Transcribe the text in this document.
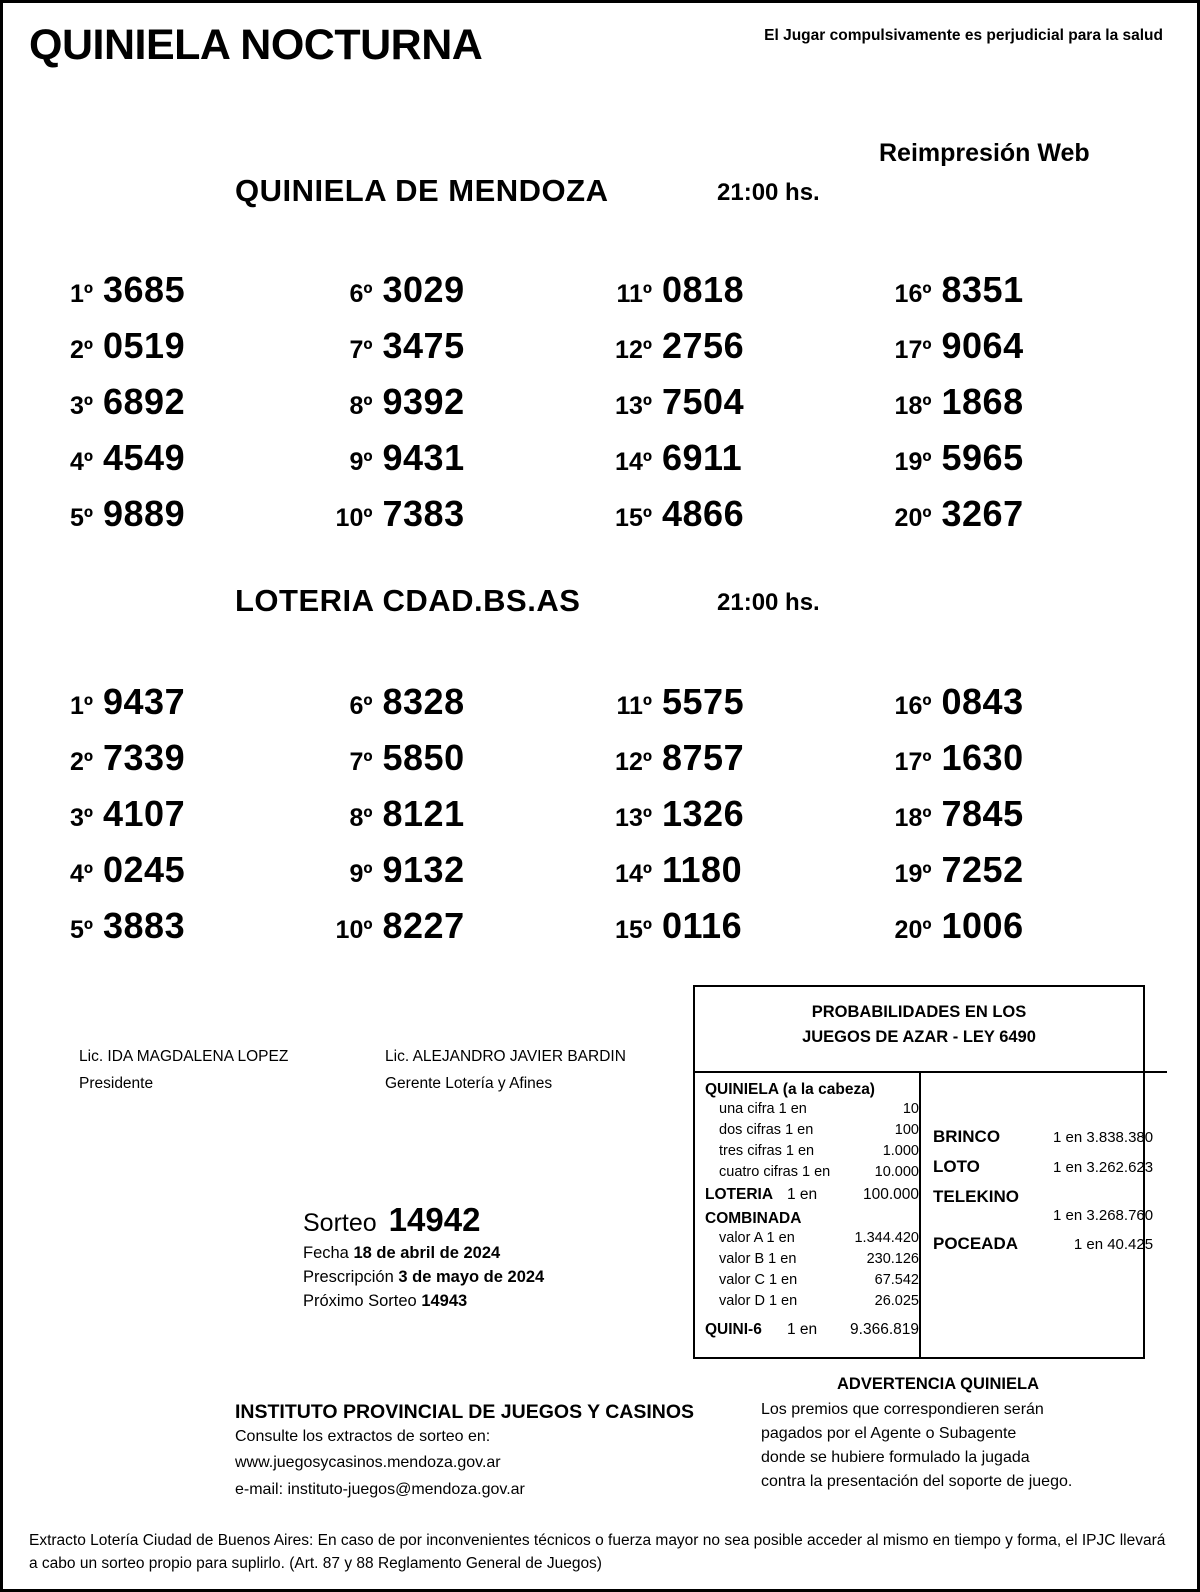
QUINIELA NOCTURNA	El Jugar compulsivamente es perjudicial para la salud
Reimpresión Web
QUINIELA DE MENDOZA	21:00 hs.
1º 3685	6º 3029	11º 0818	16º 8351
2º 0519	7º 3475	12º 2756	17º 9064
3º 6892	8º 9392	13º 7504	18º 1868
4º 4549	9º 9431	14º 6911	19º 5965
5º 9889	10º 7383	15º 4866	20º 3267
LOTERIA CDAD.BS.AS	21:00 hs.
1º 9437	6º 8328	11º 5575	16º 0843
2º 7339	7º 5850	12º 8757	17º 1630
3º 4107	8º 8121	13º 1326	18º 7845
4º 0245	9º 9132	14º 1180	19º 7252
5º 3883	10º 8227	15º 0116	20º 1006
Lic. IDA MAGDALENA LOPEZ
Presidente
Lic. ALEJANDRO JAVIER BARDIN
Gerente Lotería y Afines
Sorteo 14942
Fecha 18 de abril de 2024
Prescripción 3 de mayo de 2024
Próximo Sorteo 14943
PROBABILIDADES EN LOS
JUEGOS DE AZAR - LEY 6490
QUINIELA (a la cabeza)
una cifra 1 en	10
dos cifras 1 en	100
tres cifras 1 en	1.000
cuatro cifras 1 en	10.000
LOTERIA 1 en	100.000
COMBINADA
valor A 1 en	1.344.420
valor B 1 en	230.126
valor C 1 en	67.542
valor D 1 en	26.025
QUINI-6	1 en	9.366.819
BRINCO	1 en 3.838.380
LOTO	1 en 3.262.623
TELEKINO
1 en 3.268.760
POCEADA	1 en 40.425
ADVERTENCIA QUINIELA
Los premios que correspondieren serán
pagados por el Agente o Subagente
donde se hubiere formulado la jugada
contra la presentación del soporte de juego.
INSTITUTO PROVINCIAL DE JUEGOS Y CASINOS
Consulte los extractos de sorteo en:
www.juegosycasinos.mendoza.gov.ar
e-mail: instituto-juegos@mendoza.gov.ar
Extracto Lotería Ciudad de Buenos Aires: En caso de por inconvenientes técnicos o fuerza mayor no sea posible acceder al mismo en tiempo y forma, el IPJC llevará a cabo un sorteo propio para suplirlo. (Art. 87 y 88 Reglamento General de Juegos)
